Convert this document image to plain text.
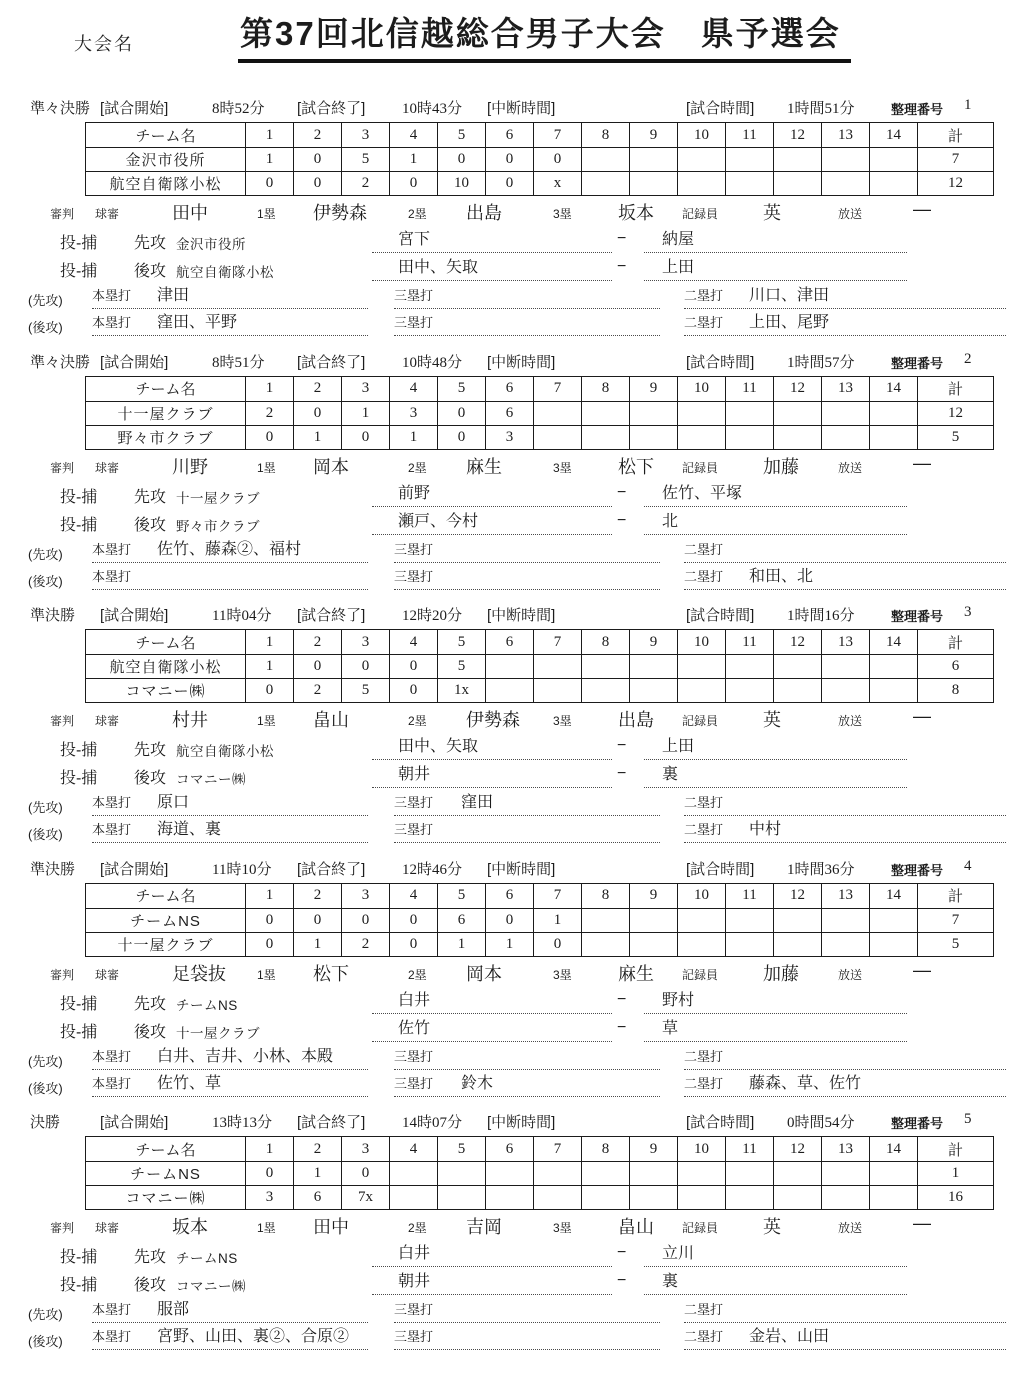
大会名	第37回北信越総合男子大会　県予選会
準々決勝 [試合開始]	8時52分 [試合終了] 10時43分 [中断時間]	[試合時間] 1時間51分	整理番号 1
チーム名	1	2	3	4	5	6	7	8	9	10	11	12	13	14	計
金沢市役所	1	0	5	1	0	0	0								7
航空自衛隊小松	0	0	2	0	10	0	x								12
審判 球審	田中	1塁 伊勢森	2塁 出島	3塁	坂本 記録員 英	放送	—
投-捕 先攻 金沢市役所	宮下	−	納屋
投-捕 後攻 航空自衛隊小松	田中、矢取	−	上田
(先攻) 本塁打 津田	三塁打	二塁打 川口、津田
(後攻) 本塁打 窪田、平野	三塁打	二塁打 上田、尾野
準々決勝 [試合開始]	8時51分 [試合終了] 10時48分 [中断時間]	[試合時間] 1時間57分	整理番号 2
チーム名	1	2	3	4	5	6	7	8	9	10	11	12	13	14	計
十一屋クラブ	2	0	1	3	0	6									12
野々市クラブ	0	1	0	1	0	3									5
審判 球審	川野	1塁 岡本	2塁 麻生	3塁	松下 記録員 加藤	放送	—
投-捕 先攻 十一屋クラブ	前野	−	佐竹、平塚
投-捕 後攻 野々市クラブ	瀬戸、今村	−	北
(先攻) 本塁打 佐竹、藤森②、福村	三塁打	二塁打
(後攻) 本塁打	三塁打	二塁打 和田、北
準決勝 [試合開始]	11時04分 [試合終了] 12時20分 [中断時間]	[試合時間] 1時間16分	整理番号 3
チーム名	1	2	3	4	5	6	7	8	9	10	11	12	13	14	計
航空自衛隊小松	1	0	0	0	5										6
コマニー㈱	0	2	5	0	1x										8
審判 球審	村井	1塁 畠山	2塁 伊勢森	3塁	出島 記録員 英	放送	—
投-捕 先攻 航空自衛隊小松	田中、矢取	−	上田
投-捕 後攻 コマニー㈱	朝井	−	裏
(先攻) 本塁打 原口	三塁打 窪田	二塁打
(後攻) 本塁打 海道、裏	三塁打	二塁打 中村
準決勝 [試合開始]	11時10分 [試合終了] 12時46分 [中断時間]	[試合時間] 1時間36分	整理番号 4
チーム名	1	2	3	4	5	6	7	8	9	10	11	12	13	14	計
チームNS	0	0	0	0	6	0	1								7
十一屋クラブ	0	1	2	0	1	1	0								5
審判 球審	足袋抜	1塁 松下	2塁 岡本	3塁	麻生 記録員 加藤	放送	—
投-捕 先攻 チームNS	白井	−	野村
投-捕 後攻 十一屋クラブ	佐竹	−	草
(先攻) 本塁打 白井、吉井、小林、本殿	三塁打	二塁打
(後攻) 本塁打 佐竹、草	三塁打 鈴木	二塁打 藤森、草、佐竹
決勝	[試合開始]	13時13分 [試合終了] 14時07分 [中断時間]	[試合時間] 0時間54分	整理番号 5
チーム名	1	2	3	4	5	6	7	8	9	10	11	12	13	14	計
チームNS	0	1	0												1
コマニー㈱	3	6	7x												16
審判 球審	坂本	1塁 田中	2塁 吉岡	3塁	畠山 記録員 英	放送	—
投-捕 先攻 チームNS	白井	−	立川
投-捕 後攻 コマニー㈱	朝井	−	裏
(先攻) 本塁打 服部	三塁打	二塁打
(後攻) 本塁打 宮野、山田、裏②、合原②	三塁打	二塁打 金岩、山田
